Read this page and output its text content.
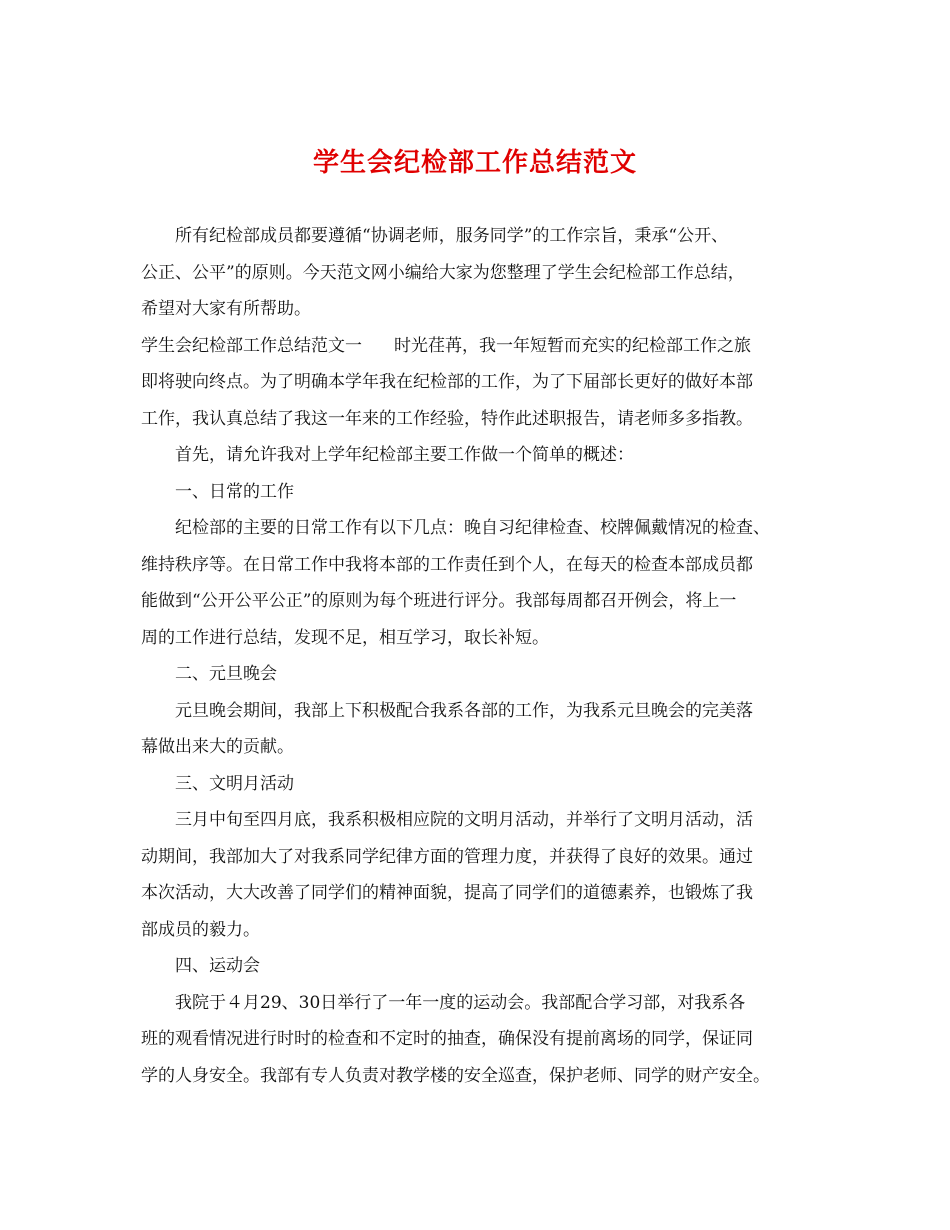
学生会纪检部工作总结范文
所有纪检部成员都要遵循“协调老师，服务同学”的工作宗旨，秉承“公开、
公正、公平”的原则。今天范文网小编给大家为您整理了学生会纪检部工作总结，
希望对大家有所帮助。
学生会纪检部工作总结范文一 时光荏苒，我一年短暂而充实的纪检部工作之旅
即将驶向终点。为了明确本学年我在纪检部的工作，为了下届部长更好的做好本部
工作，我认真总结了我这一年来的工作经验，特作此述职报告，请老师多多指教。
首先，请允许我对上学年纪检部主要工作做一个简单的概述：
一、日常的工作
纪检部的主要的日常工作有以下几点：晚自习纪律检查、校牌佩戴情况的检查、
维持秩序等。在日常工作中我将本部的工作责任到个人，在每天的检查本部成员都
能做到“公开公平公正”的原则为每个班进行评分。我部每周都召开例会，将上一
周的工作进行总结，发现不足，相互学习，取长补短。
二、元旦晚会
元旦晚会期间，我部上下积极配合我系各部的工作，为我系元旦晚会的完美落
幕做出来大的贡献。
三、文明月活动
三月中旬至四月底，我系积极相应院的文明月活动，并举行了文明月活动，活
动期间，我部加大了对我系同学纪律方面的管理力度，并获得了良好的效果。通过
本次活动，大大改善了同学们的精神面貌，提高了同学们的道德素养，也锻炼了我
部成员的毅力。
四、运动会
我院于４月29、30日举行了一年一度的运动会。我部配合学习部，对我系各
班的观看情况进行时时的检查和不定时的抽查，确保没有提前离场的同学，保证同
学的人身安全。我部有专人负责对教学楼的安全巡查，保护老师、同学的财产安全。
